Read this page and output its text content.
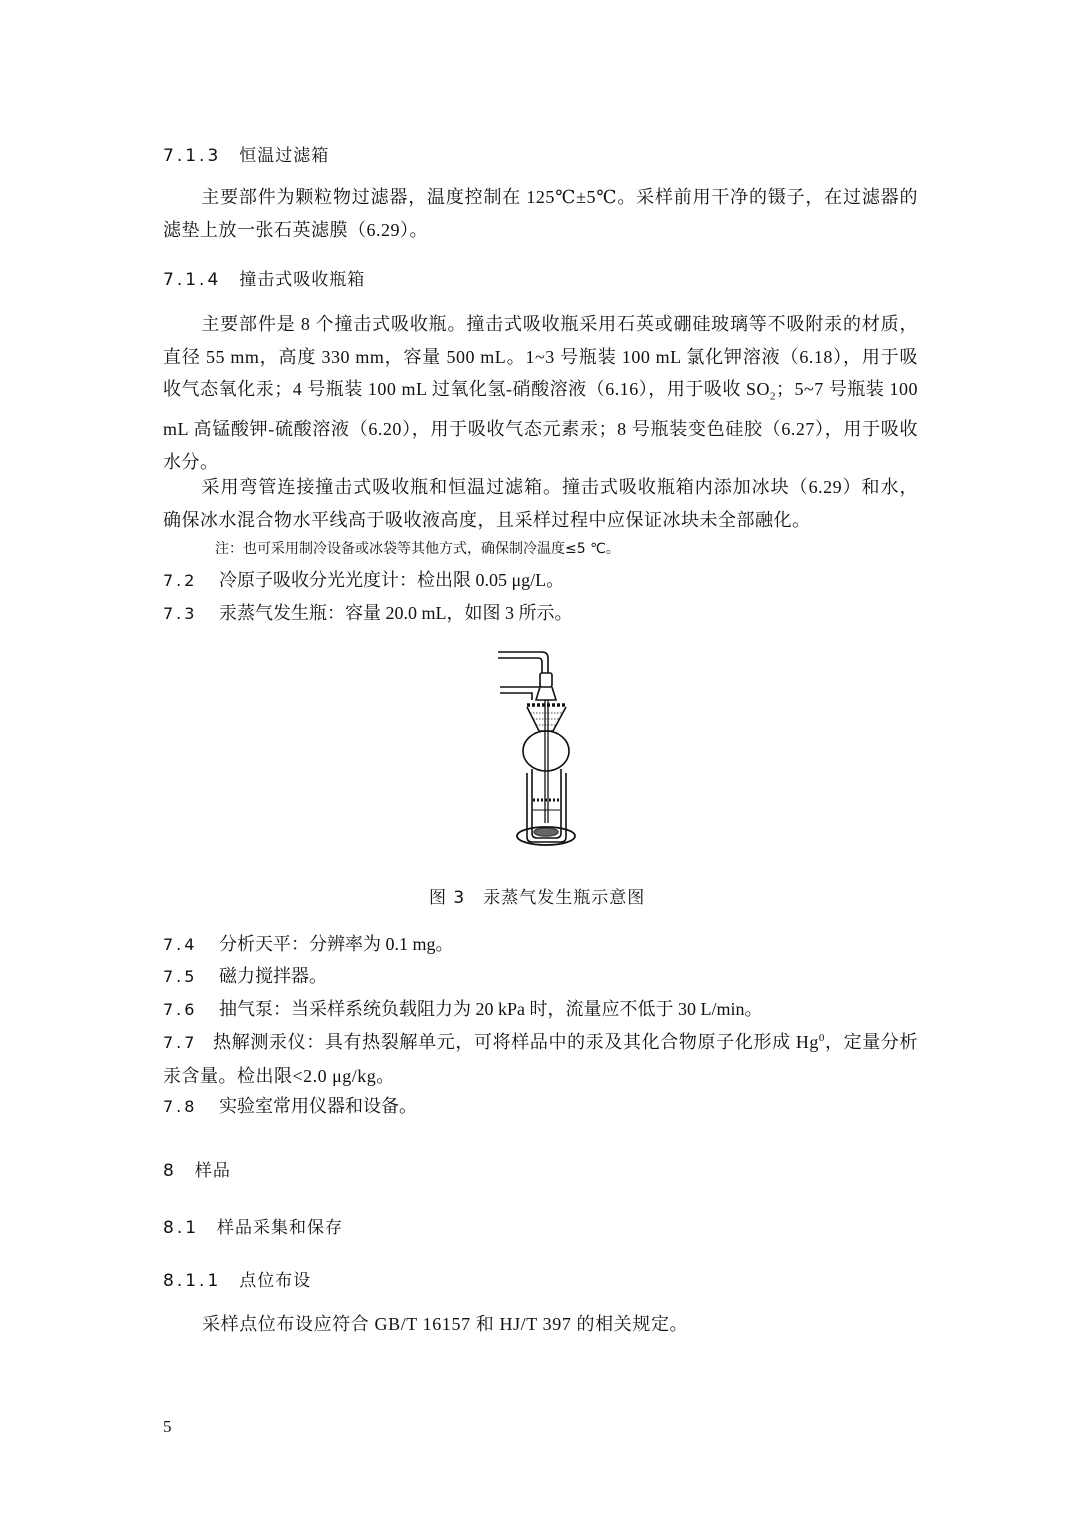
7.1.3 恒温过滤箱
主要部件为颗粒物过滤器，温度控制在 125℃±5℃。采样前用干净的镊子，在过滤器的滤垫上放一张石英滤膜（6.29）。
7.1.4 撞击式吸收瓶箱
主要部件是 8 个撞击式吸收瓶。撞击式吸收瓶采用石英或硼硅玻璃等不吸附汞的材质，直径 55 mm，高度 330 mm，容量 500 mL。1~3 号瓶装 100 mL 氯化钾溶液（6.18），用于吸收气态氧化汞；4 号瓶装 100 mL 过氧化氢-硝酸溶液（6.16），用于吸收 $SO_2$；5~7 号瓶装 100 mL 高锰酸钾-硫酸溶液（6.20），用于吸收气态元素汞；8 号瓶装变色硅胶（6.27），用于吸收水分。
采用弯管连接撞击式吸收瓶和恒温过滤箱。撞击式吸收瓶箱内添加冰块（6.29）和水，确保冰水混合物水平线高于吸收液高度，且采样过程中应保证冰块未全部融化。
注：也可采用制冷设备或冰袋等其他方式，确保制冷温度≤5 ℃。
7.2 冷原子吸收分光光度计：检出限 0.05 μg/L。
7.3 汞蒸气发生瓶：容量 20.0 mL，如图 3 所示。
图 3 汞蒸气发生瓶示意图
7.4 分析天平：分辨率为 0.1 mg。
7.5 磁力搅拌器。
7.6 抽气泵：当采样系统负载阻力为 20 kPa 时，流量应不低于 30 L/min。
7.7 热解测汞仪：具有热裂解单元，可将样品中的汞及其化合物原子化形成 Hg$^0$，定量分析汞含量。检出限<2.0 μg/kg。
7.8 实验室常用仪器和设备。
8 样品
8.1 样品采集和保存
8.1.1 点位布设
采样点位布设应符合 GB/T 16157 和 HJ/T 397 的相关规定。
5
